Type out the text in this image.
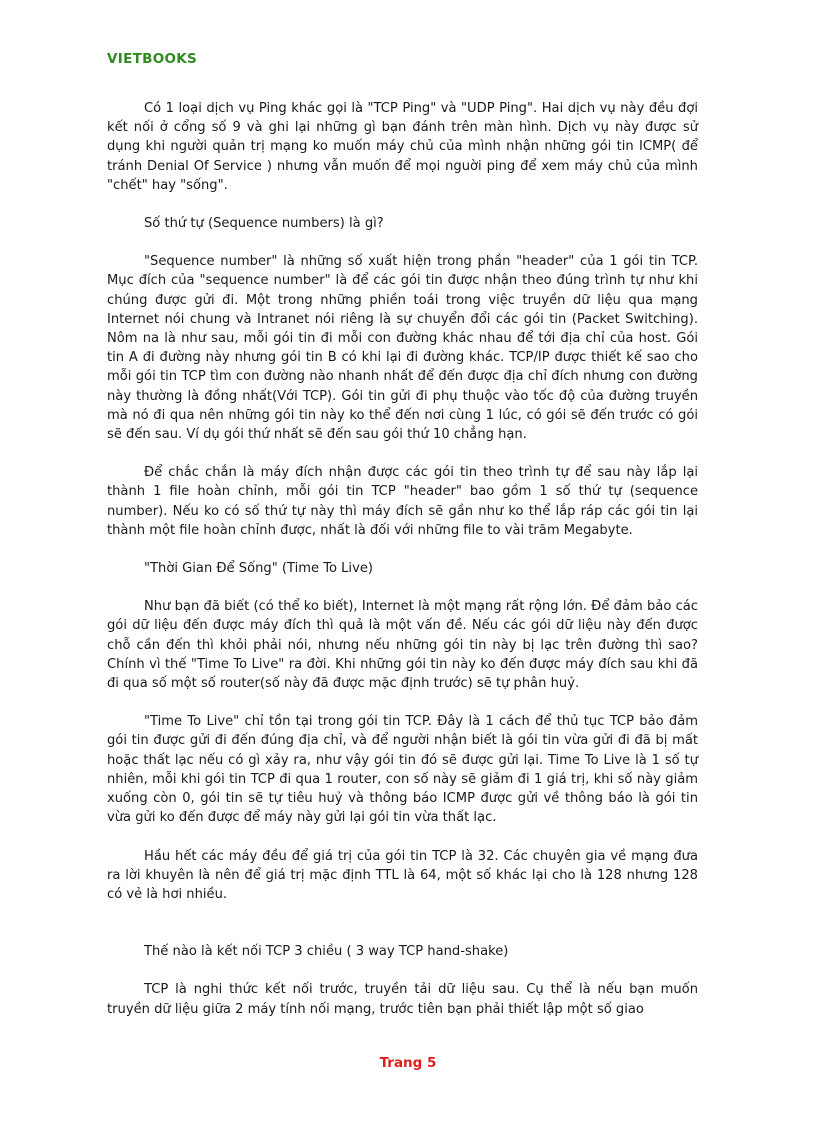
VIETBOOKS

Có 1 loại dịch vụ Ping khác gọi là "TCP Ping" và "UDP Ping". Hai dịch vụ này đều đợi kết nối ở cổng số 9 và ghi lại những gì bạn đánh trên màn hình. Dịch vụ này được sử dụng khi người quản trị mạng ko muốn máy chủ của mình nhận những gói tin ICMP( để tránh Denial Of Service ) nhưng vẫn muốn để mọi nguời ping để xem máy chủ của mình "chết" hay "sống".

Số thứ tự (Sequence numbers) là gì?

"Sequence number" là những số xuất hiện trong phần "header" của 1 gói tin TCP. Mục đích của "sequence number" là để các gói tin được nhận theo đúng trình tự như khi chúng được gửi đi. Một trong những phiền toái trong việc truyền dữ liệu qua mạng Internet nói chung và Intranet nói riêng là sự chuyển đổi các gói tin (Packet Switching). Nôm na là như sau, mỗi gói tin đi mỗi con đường khác nhau để tới địa chỉ của host. Gói tin A đi đường này nhưng gói tin B có khi lại đi đường khác. TCP/IP được thiết kế sao cho mỗi gói tin TCP tìm con đường nào nhanh nhất để đến được địa chỉ đích nhưng con đường này thường là đồng nhất(Với TCP). Gói tin gửi đi phụ thuộc vào tốc độ của đường truyền mà nó đi qua nên những gói tin này ko thể đến nơi cùng 1 lúc, có gói sẽ đến trước có gói sẽ đến sau. Ví dụ gói thứ nhất sẽ đến sau gói thứ 10 chẳng hạn.

Để chắc chắn là máy đích nhận được các gói tin theo trình tự để sau này lắp lại thành 1 file hoàn chỉnh, mỗi gói tin TCP "header" bao gồm 1 số thứ tự (sequence number). Nếu ko có số thứ tự này thì máy đích sẽ gần như ko thể lắp ráp các gói tin lại thành một file hoàn chỉnh được, nhất là đối với những file to vài trăm Megabyte.

"Thời Gian Để Sống" (Time To Live)

Như bạn đã biết (có thể ko biết), Internet là một mạng rất rộng lớn. Để đảm bảo các gói dữ liệu đến được máy đích thì quả là một vấn đề. Nếu các gói dữ liệu này đến được chỗ cần đến thì khỏi phải nói, nhưng nếu những gói tin này bị lạc trên đường thì sao?Chính vì thế "Time To Live" ra đời. Khi những gói tin này ko đến được máy đích sau khi đã đi qua số một số router(số này đã được mặc định trước) sẽ tự phân huỷ.

"Time To Live" chỉ tồn tại trong gói tin TCP. Đây là 1 cách để thủ tục TCP bảo đảm gói tin được gửi đi đến đúng địa chỉ, và để người nhận biết là gói tin vừa gửi đi đã bị mất hoặc thất lạc nếu có gì xảy ra, như vậy gói tin đó sẽ được gửi lại. Time To Live là 1 số tự nhiên, mỗi khi gói tin TCP đi qua 1 router, con số này sẽ giảm đi 1 giá trị, khi số này giảm xuống còn 0, gói tin sẽ tự tiêu huỷ và thông báo ICMP được gửi về thông báo là gói tin vừa gửi ko đến được để máy này gửi lại gói tin vừa thất lạc.

Hầu hết các máy đều để giá trị của gói tin TCP là 32. Các chuyên gia về mạng đưa ra lời khuyên là nên để giá trị mặc định TTL là 64, một số khác lại cho là 128 nhưng 128 có vẻ là hơi nhiều.

Thế nào là kết nối TCP 3 chiều ( 3 way TCP hand-shake)

TCP là nghi thức kết nối trước, truyền tải dữ liệu sau. Cụ thể là nếu bạn muốn truyền dữ liệu giữa 2 máy tính nối mạng, trước tiên bạn phải thiết lập một số giao

Trang 5
